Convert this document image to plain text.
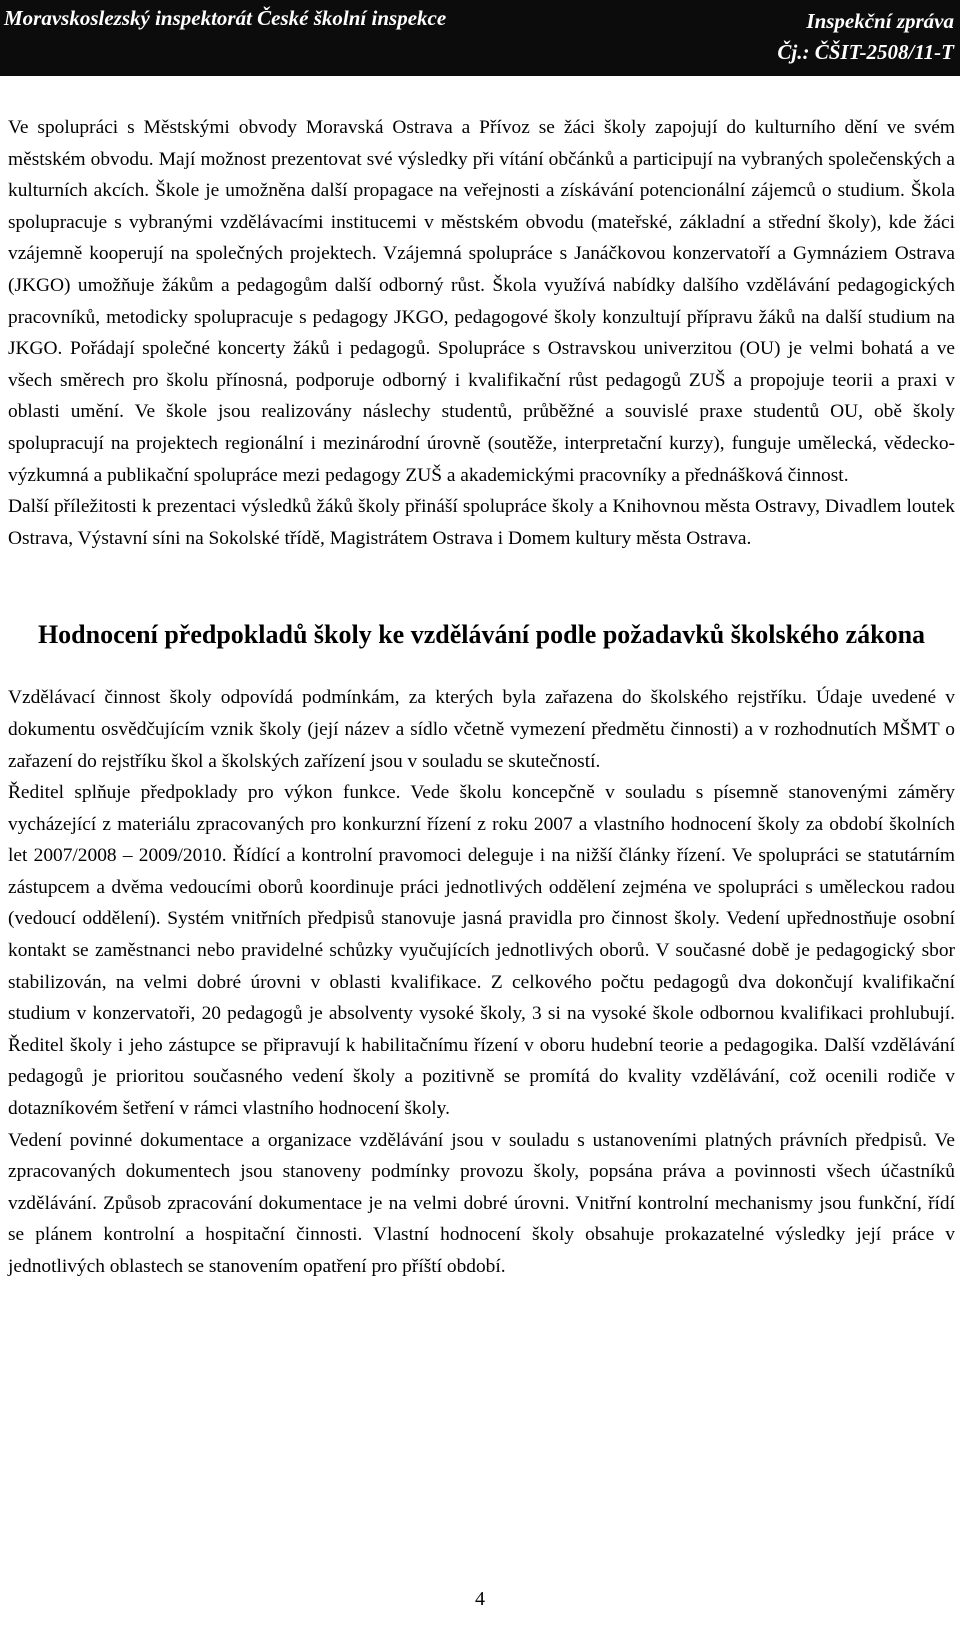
Moravskoslezský inspektorát České školní inspekce	Inspekční zpráva
Čj.: ČŠIT-2508/11-T

Ve spolupráci s Městskými obvody Moravská Ostrava a Přívoz se žáci školy zapojují do kulturního dění ve svém městském obvodu. Mají možnost prezentovat své výsledky při vítání občánků a participují na vybraných společenských a kulturních akcích. Škole je umožněna další propagace na veřejnosti a získávání potencionální zájemců o studium. Škola spolupracuje s vybranými vzdělávacími institucemi v městském obvodu (mateřské, základní a střední školy), kde žáci vzájemně kooperují na společných projektech. Vzájemná spolupráce s Janáčkovou konzervatoří a Gymnáziem Ostrava (JKGO) umožňuje žákům a pedagogům další odborný růst. Škola využívá nabídky dalšího vzdělávání pedagogických pracovníků, metodicky spolupracuje s pedagogy JKGO, pedagogové školy konzultují přípravu žáků na další studium na JKGO. Pořádají společné koncerty žáků i pedagogů. Spolupráce s Ostravskou univerzitou (OU) je velmi bohatá a ve všech směrech pro školu přínosná, podporuje odborný i kvalifikační růst pedagogů ZUŠ a propojuje teorii a praxi v oblasti umění. Ve škole jsou realizovány náslechy studentů, průběžné a souvislé praxe studentů OU, obě školy spolupracují na projektech regionální i mezinárodní úrovně (soutěže, interpretační kurzy), funguje umělecká, vědecko-výzkumná a publikační spolupráce mezi pedagogy ZUŠ a akademickými pracovníky a přednášková činnost.

Další příležitosti k prezentaci výsledků žáků školy přináší spolupráce školy a Knihovnou města Ostravy, Divadlem loutek Ostrava, Výstavní síni na Sokolské třídě, Magistrátem Ostrava i Domem kultury města Ostrava.

Hodnocení předpokladů školy ke vzdělávání podle požadavků školského zákona

Vzdělávací činnost školy odpovídá podmínkám, za kterých byla zařazena do školského rejstříku. Údaje uvedené v dokumentu osvědčujícím vznik školy (její název a sídlo včetně vymezení předmětu činnosti) a v rozhodnutích MŠMT o zařazení do rejstříku škol a školských zařízení jsou v souladu se skutečností.

Ředitel splňuje předpoklady pro výkon funkce. Vede školu koncepčně v souladu s písemně stanovenými záměry vycházející z materiálu zpracovaných pro konkurzní řízení z roku 2007 a vlastního hodnocení školy za období školních let 2007/2008 – 2009/2010. Řídící a kontrolní pravomoci deleguje i na nižší články řízení. Ve spolupráci se statutárním zástupcem a dvěma vedoucími oborů koordinuje práci jednotlivých oddělení zejména ve spolupráci s uměleckou radou (vedoucí oddělení). Systém vnitřních předpisů stanovuje jasná pravidla pro činnost školy. Vedení upřednostňuje osobní kontakt se zaměstnanci nebo pravidelné schůzky vyučujících jednotlivých oborů. V současné době je pedagogický sbor stabilizován, na velmi dobré úrovni v oblasti kvalifikace. Z celkového počtu pedagogů dva dokončují kvalifikační studium v konzervatoři, 20 pedagogů je absolventy vysoké školy, 3 si na vysoké škole odbornou kvalifikaci prohlubují. Ředitel školy i jeho zástupce se připravují k habilitačnímu řízení v oboru hudební teorie a pedagogika. Další vzdělávání pedagogů je prioritou současného vedení školy a pozitivně se promítá do kvality vzdělávání, což ocenili rodiče v dotazníkovém šetření v rámci vlastního hodnocení školy.

Vedení povinné dokumentace a organizace vzdělávání jsou v souladu s ustanoveními platných právních předpisů. Ve zpracovaných dokumentech jsou stanoveny podmínky provozu školy, popsána práva a povinnosti všech účastníků vzdělávání. Způsob zpracování dokumentace je na velmi dobré úrovni. Vnitřní kontrolní mechanismy jsou funkční, řídí se plánem kontrolní a hospitační činnosti. Vlastní hodnocení školy obsahuje prokazatelné výsledky její práce v jednotlivých oblastech se stanovením opatření pro příští období.

4
